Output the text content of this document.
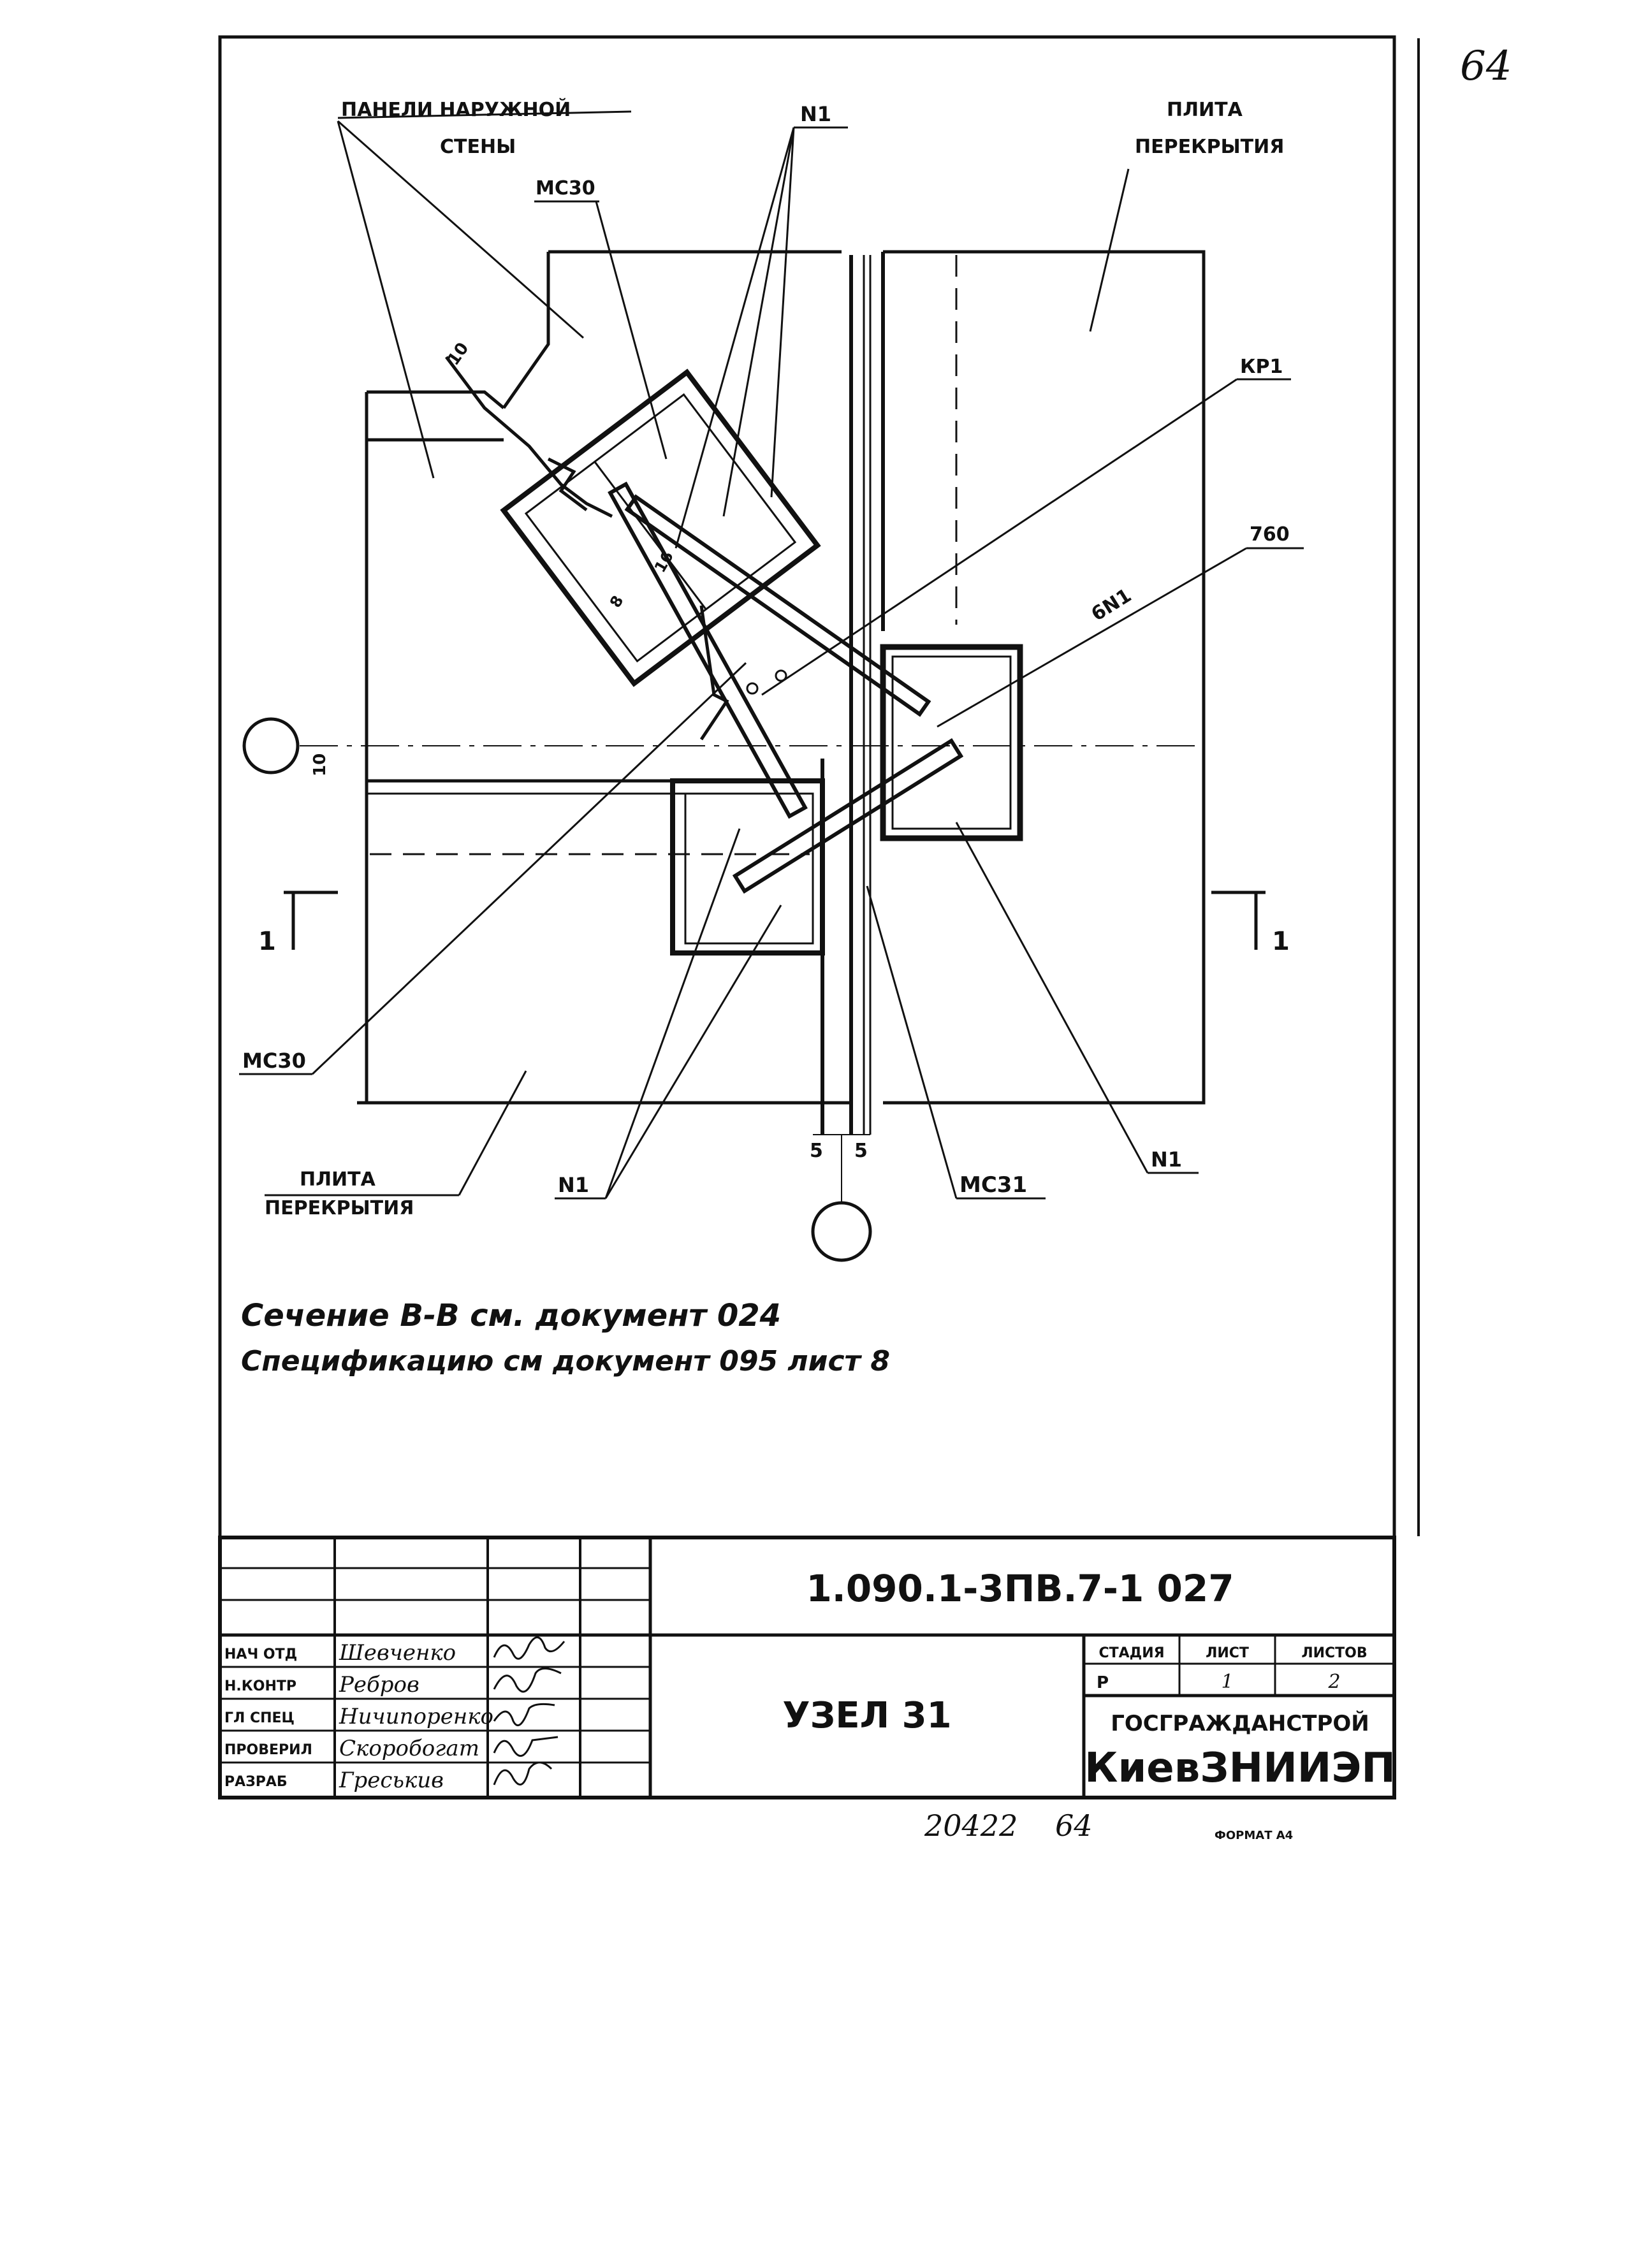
64
ПАНЕЛИ НАРУЖНОЙ
СТЕНЫ
ПЛИТА
ПЕРЕКРЫТИЯ
МС30
N1
КР1
760
6N1
10
10
16
8
МС30
ПЛИТА
ПЕРЕКРЫТИЯ
N1
5 5
МС31
N1
1	1
Сечение В-В см. документ 024
Спецификацию см документ 095 лист 8
НАЧ ОТД Шевченко
Н.КОНТР Ребров
ГЛ СПЕЦ Ничипоренко
ПРОВЕРИЛ Скоробогат
РАЗРАБ Греськив
1.090.1-3ПВ.7-1 027
УЗЕЛ 31
СТАДИЯ	ЛИСТ	ЛИСТОВ
Р	1	2
ГОСГРАЖДАНСТРОЙ
КиевЗНИИЭП
20422 64	ФОРМАТ А4
